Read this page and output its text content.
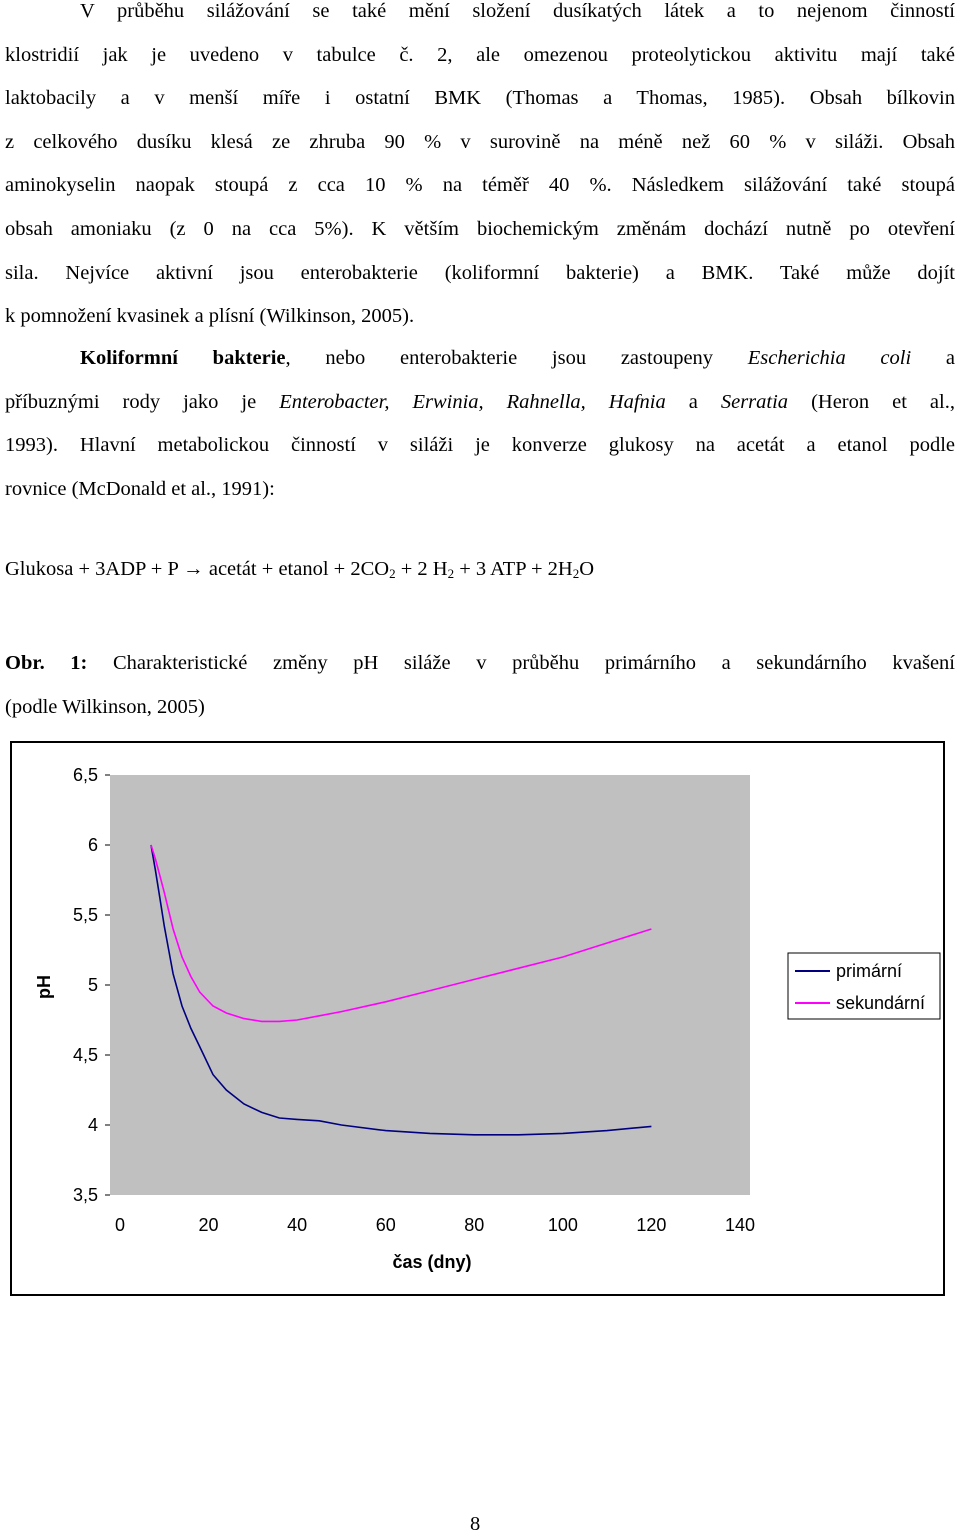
V průběhu silážování se také mění složení dusíkatých látek a to nejenom činností
klostridií jak je uvedeno v tabulce č. 2, ale omezenou proteolytickou aktivitu mají také
laktobacily a v menší míře i ostatní BMK (Thomas a Thomas, 1985). Obsah bílkovin
z celkového dusíku klesá ze zhruba 90 % v surovině na méně než 60 % v siláži. Obsah
aminokyselin naopak stoupá z cca 10 % na téměř 40 %. Následkem silážování také stoupá
obsah amoniaku (z 0 na cca 5%). K větším biochemickým změnám dochází nutně po otevření
sila. Nejvíce aktivní jsou enterobakterie (koliformní bakterie) a BMK. Také může dojít
k pomnožení kvasinek a plísní (Wilkinson, 2005).
Koliformní bakterie, nebo enterobakterie jsou zastoupeny Escherichia coli a
příbuznými rody jako je Enterobacter, Erwinia, Rahnella, Hafnia a Serratia (Heron et al.,
1993). Hlavní metabolickou činností v siláži je konverze glukosy na acetát a etanol podle
rovnice (McDonald et al., 1991):
Glukosa + 3ADP + P → acetát + etanol + $2CO_2 + 2$ $H_2 + 3$ ATP + $2H_2O$
Obr. 1: Charakteristické změny pH siláže v průběhu primárního a sekundárního kvašení
(podle Wilkinson, 2005)
6,5
6
5,5
5
4,5
4
3,5
0	20	40	60	80	100	120	140
pH
čas (dny)
primární
sekundární
8
